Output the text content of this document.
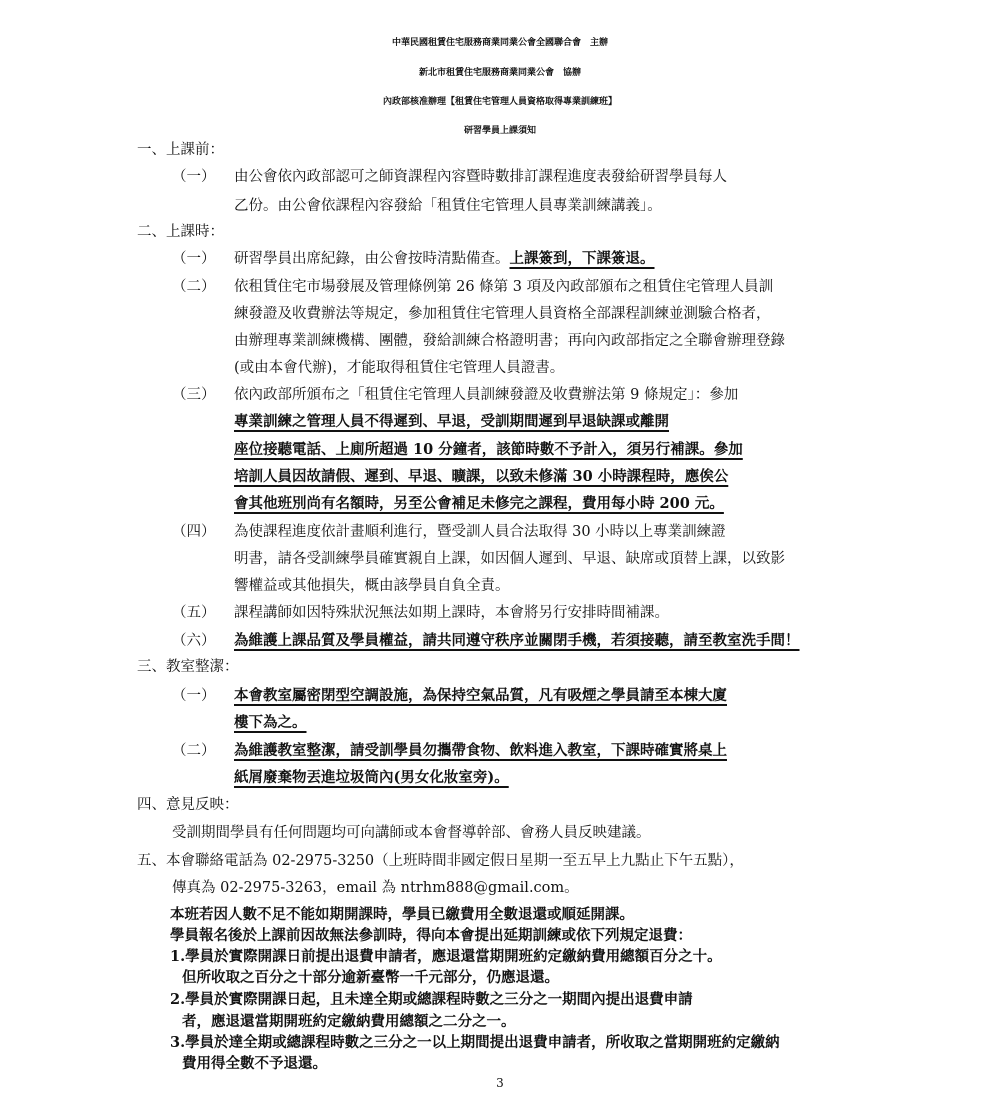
中華民國租賃住宅服務商業同業公會全國聯合會　主辦
新北市租賃住宅服務商業同業公會　協辦
內政部核准辦理【租賃住宅管理人員資格取得專業訓練班】
研習學員上課須知
一、上課前：
（一） 由公會依內政部認可之師資課程內容暨時數排訂課程進度表發給研習學員每人
乙份。由公會依課程內容發給「租賃住宅管理人員專業訓練講義」。
二、上課時：
（一） 研習學員出席紀錄，由公會按時清點備查。上課簽到，下課簽退。
（二） 依租賃住宅市場發展及管理條例第 26 條第 3 項及內政部頒布之租賃住宅管理人員訓
練發證及收費辦法等規定，參加租賃住宅管理人員資格全部課程訓練並測驗合格者，
由辦理專業訓練機構、團體，發給訓練合格證明書；再向內政部指定之全聯會辦理登錄
(或由本會代辦)，才能取得租賃住宅管理人員證書。
（三） 依內政部所頒布之「租賃住宅管理人員訓練發證及收費辦法第 9 條規定」：參加
專業訓練之管理人員不得遲到、早退，受訓期間遲到早退缺課或離開
座位接聽電話、上廁所超過 10 分鐘者，該節時數不予計入，須另行補課。參加
培訓人員因故請假、遲到、早退、曠課，以致未修滿 30 小時課程時，應俟公
會其他班別尚有名額時，另至公會補足未修完之課程，費用每小時 200 元。
（四） 為使課程進度依計畫順利進行，暨受訓人員合法取得 30 小時以上專業訓練證
明書，請各受訓練學員確實親自上課，如因個人遲到、早退、缺席或頂替上課，以致影
響權益或其他損失，概由該學員自負全責。
（五） 課程講師如因特殊狀況無法如期上課時，本會將另行安排時間補課。
（六） 為維護上課品質及學員權益，請共同遵守秩序並關閉手機，若須接聽，請至教室洗手間！
三、教室整潔：
（一） 本會教室屬密閉型空調設施，為保持空氣品質，凡有吸煙之學員請至本棟大廈
樓下為之。
（二） 為維護教室整潔，請受訓學員勿攜帶食物、飲料進入教室，下課時確實將桌上
紙屑廢棄物丟進垃圾筒內(男女化妝室旁)。
四、意見反映：
受訓期間學員有任何問題均可向講師或本會督導幹部、會務人員反映建議。
五、本會聯絡電話為 02-2975-3250（上班時間非國定假日星期一至五早上九點止下午五點），
傳真為 02-2975-3263，email 為 ntrhm888@gmail.com。
本班若因人數不足不能如期開課時，學員已繳費用全數退還或順延開課。
學員報名後於上課前因故無法參訓時，得向本會提出延期訓練或依下列規定退費：
1.學員於實際開課日前提出退費申請者，應退還當期開班約定繳納費用總額百分之十。
但所收取之百分之十部分逾新臺幣一千元部分，仍應退還。
2.學員於實際開課日起，且未達全期或總課程時數之三分之一期間內提出退費申請
者，應退還當期開班約定繳納費用總額之二分之一。
3.學員於達全期或總課程時數之三分之一以上期間提出退費申請者，所收取之當期開班約定繳納
費用得全數不予退還。
3
